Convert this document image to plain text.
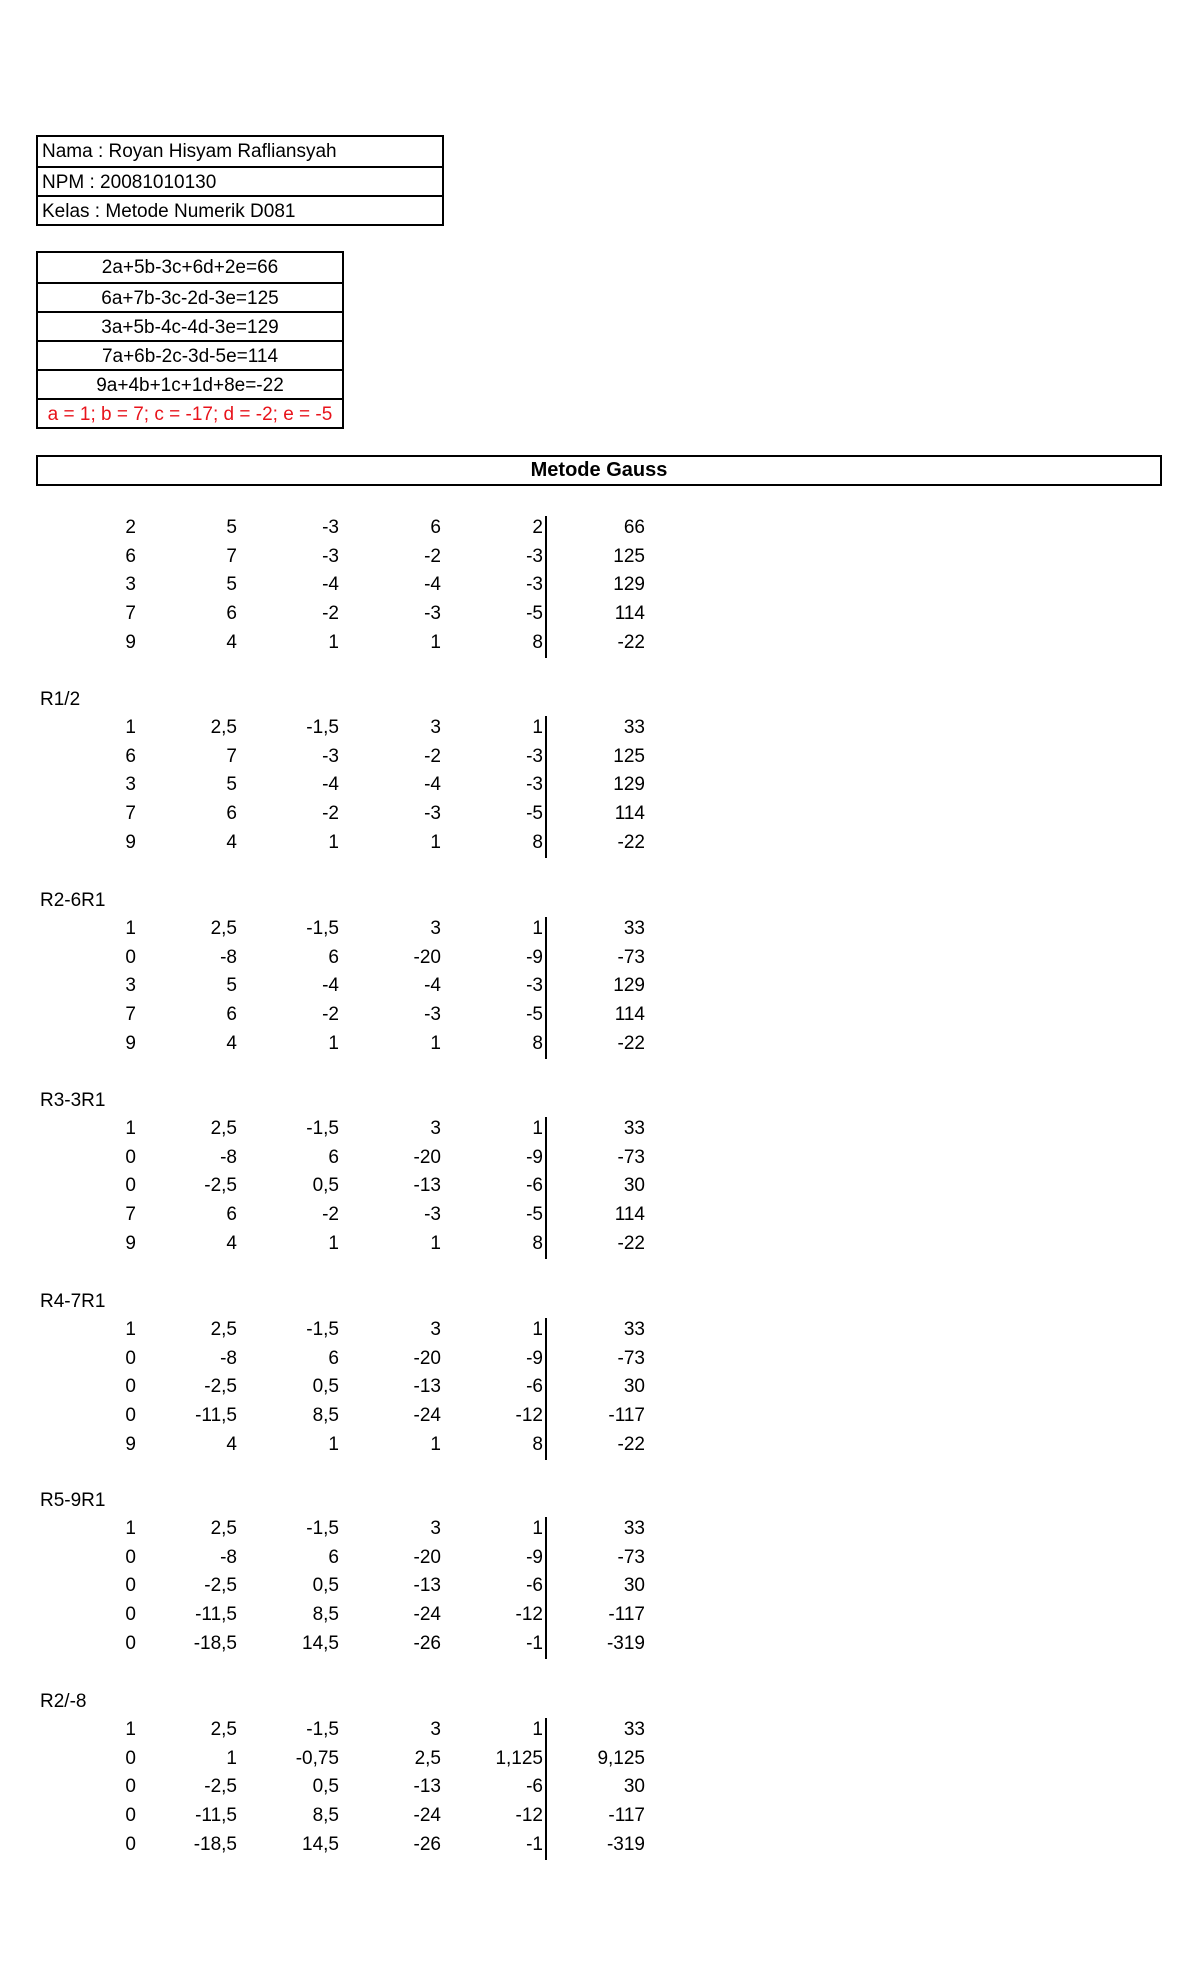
Nama : Royan Hisyam Rafliansyah
NPM : 20081010130
Kelas : Metode Numerik D081
2a+5b-3c+6d+2e=66
6a+7b-3c-2d-3e=125
3a+5b-4c-4d-3e=129
7a+6b-2c-3d-5e=114
9a+4b+1c+1d+8e=-22
a = 1; b = 7; c = -17; d = -2; e = -5
Metode Gauss
2	5	-3	6	2	66
6	7	-3	-2	-3	125
3	5	-4	-4	-3	129
7	6	-2	-3	-5	114
9	4	1	1	8	-22
R1/2
1	2,5	-1,5	3	1	33
6	7	-3	-2	-3	125
3	5	-4	-4	-3	129
7	6	-2	-3	-5	114
9	4	1	1	8	-22
R2-6R1
1	2,5	-1,5	3	1	33
0	-8	6	-20	-9	-73
3	5	-4	-4	-3	129
7	6	-2	-3	-5	114
9	4	1	1	8	-22
R3-3R1
1	2,5	-1,5	3	1	33
0	-8	6	-20	-9	-73
0	-2,5	0,5	-13	-6	30
7	6	-2	-3	-5	114
9	4	1	1	8	-22
R4-7R1
1	2,5	-1,5	3	1	33
0	-8	6	-20	-9	-73
0	-2,5	0,5	-13	-6	30
0	-11,5	8,5	-24	-12	-117
9	4	1	1	8	-22
R5-9R1
1	2,5	-1,5	3	1	33
0	-8	6	-20	-9	-73
0	-2,5	0,5	-13	-6	30
0	-11,5	8,5	-24	-12	-117
0	-18,5	14,5	-26	-1	-319
R2/-8
1	2,5	-1,5	3	1	33
0	1	-0,75	2,5	1,125	9,125
0	-2,5	0,5	-13	-6	30
0	-11,5	8,5	-24	-12	-117
0	-18,5	14,5	-26	-1	-319
